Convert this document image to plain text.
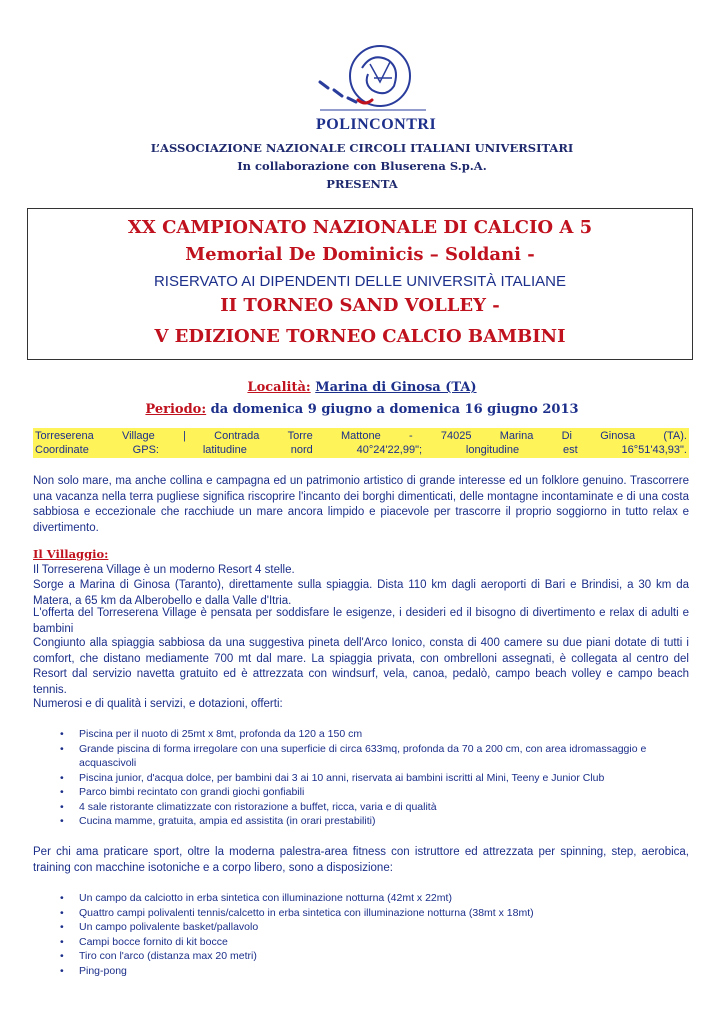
POLINCONTRI
L’ASSOCIAZIONE NAZIONALE CIRCOLI ITALIANI UNIVERSITARI
In collaborazione con Bluserena S.p.A.
PRESENTA
XX CAMPIONATO NAZIONALE DI CALCIO A 5
Memorial De Dominicis – Soldani -
RISERVATO AI DIPENDENTI DELLE UNIVERSITÀ ITALIANE
II TORNEO SAND VOLLEY -
V EDIZIONE TORNEO CALCIO BAMBINI
Località: Marina di Ginosa (TA)
Periodo: da domenica 9 giugno a domenica 16 giugno 2013
Torreserena	Village	|	Contrada	Torre	Mattone	-	74025	Marina	Di	Ginosa	(TA).
Coordinate	GPS:	latitudine	nord	40°24'22,99";	longitudine	est	16°51'43,93".

Non solo mare, ma anche collina e campagna ed un patrimonio artistico di grande interesse ed un folklore genuino. Trascorrere una vacanza nella terra pugliese significa riscoprire l'incanto dei borghi dimenticati, delle montagne incontaminate e di una costa sabbiosa e eccezionale che racchiude un mare ancora limpido e piacevole per trascorre il proprio soggiorno in tutto relax e divertimento.

Il Villaggio:

Il Torreserena Village è un moderno Resort 4 stelle.

Sorge a Marina di Ginosa (Taranto), direttamente sulla spiaggia. Dista 110 km dagli aeroporti di Bari e Brindisi, a 30 km da Matera, a 65 km da Alberobello e dalla Valle d'Itria.

L'offerta del Torreserena Village è pensata per soddisfare le esigenze, i desideri ed il bisogno di divertimento e relax di adulti e bambini

Congiunto alla spiaggia sabbiosa da una suggestiva pineta dell'Arco Ionico, consta di 400 camere su due piani dotate di tutti i comfort, che distano mediamente 700 mt dal mare. La spiaggia privata, con ombrelloni assegnati, è collegata al centro del Resort dal servizio navetta gratuito ed è attrezzata con windsurf, vela, canoa, pedalò, campo beach volley e campo beach tennis.

Numerosi e di qualità i servizi, e dotazioni, offerti:

• Piscina per il nuoto di 25mt x 8mt, profonda da 120 a 150 cm
• Grande piscina di forma irregolare con una superficie di circa 633mq, profonda da 70 a 200 cm, con area idromassaggio e acquascivoli
• Piscina junior, d'acqua dolce, per bambini dai 3 ai 10 anni, riservata ai bambini iscritti al Mini, Teeny e Junior Club
• Parco bimbi recintato con grandi giochi gonfiabili
• 4 sale ristorante climatizzate con ristorazione a buffet, ricca, varia e di qualità
• Cucina mamme, gratuita, ampia ed assistita (in orari prestabiliti)

Per chi ama praticare sport, oltre la moderna palestra-area fitness con istruttore ed attrezzata per spinning, step, aerobica, training con macchine isotoniche e a corpo libero, sono a disposizione:

• Un campo da calciotto in erba sintetica con illuminazione notturna (42mt x 22mt)
• Quattro campi polivalenti tennis/calcetto in erba sintetica con illuminazione notturna (38mt x 18mt)
• Un campo polivalente basket/pallavolo
• Campi bocce fornito di kit bocce
• Tiro con l'arco (distanza max 20 metri)
• Ping-pong
